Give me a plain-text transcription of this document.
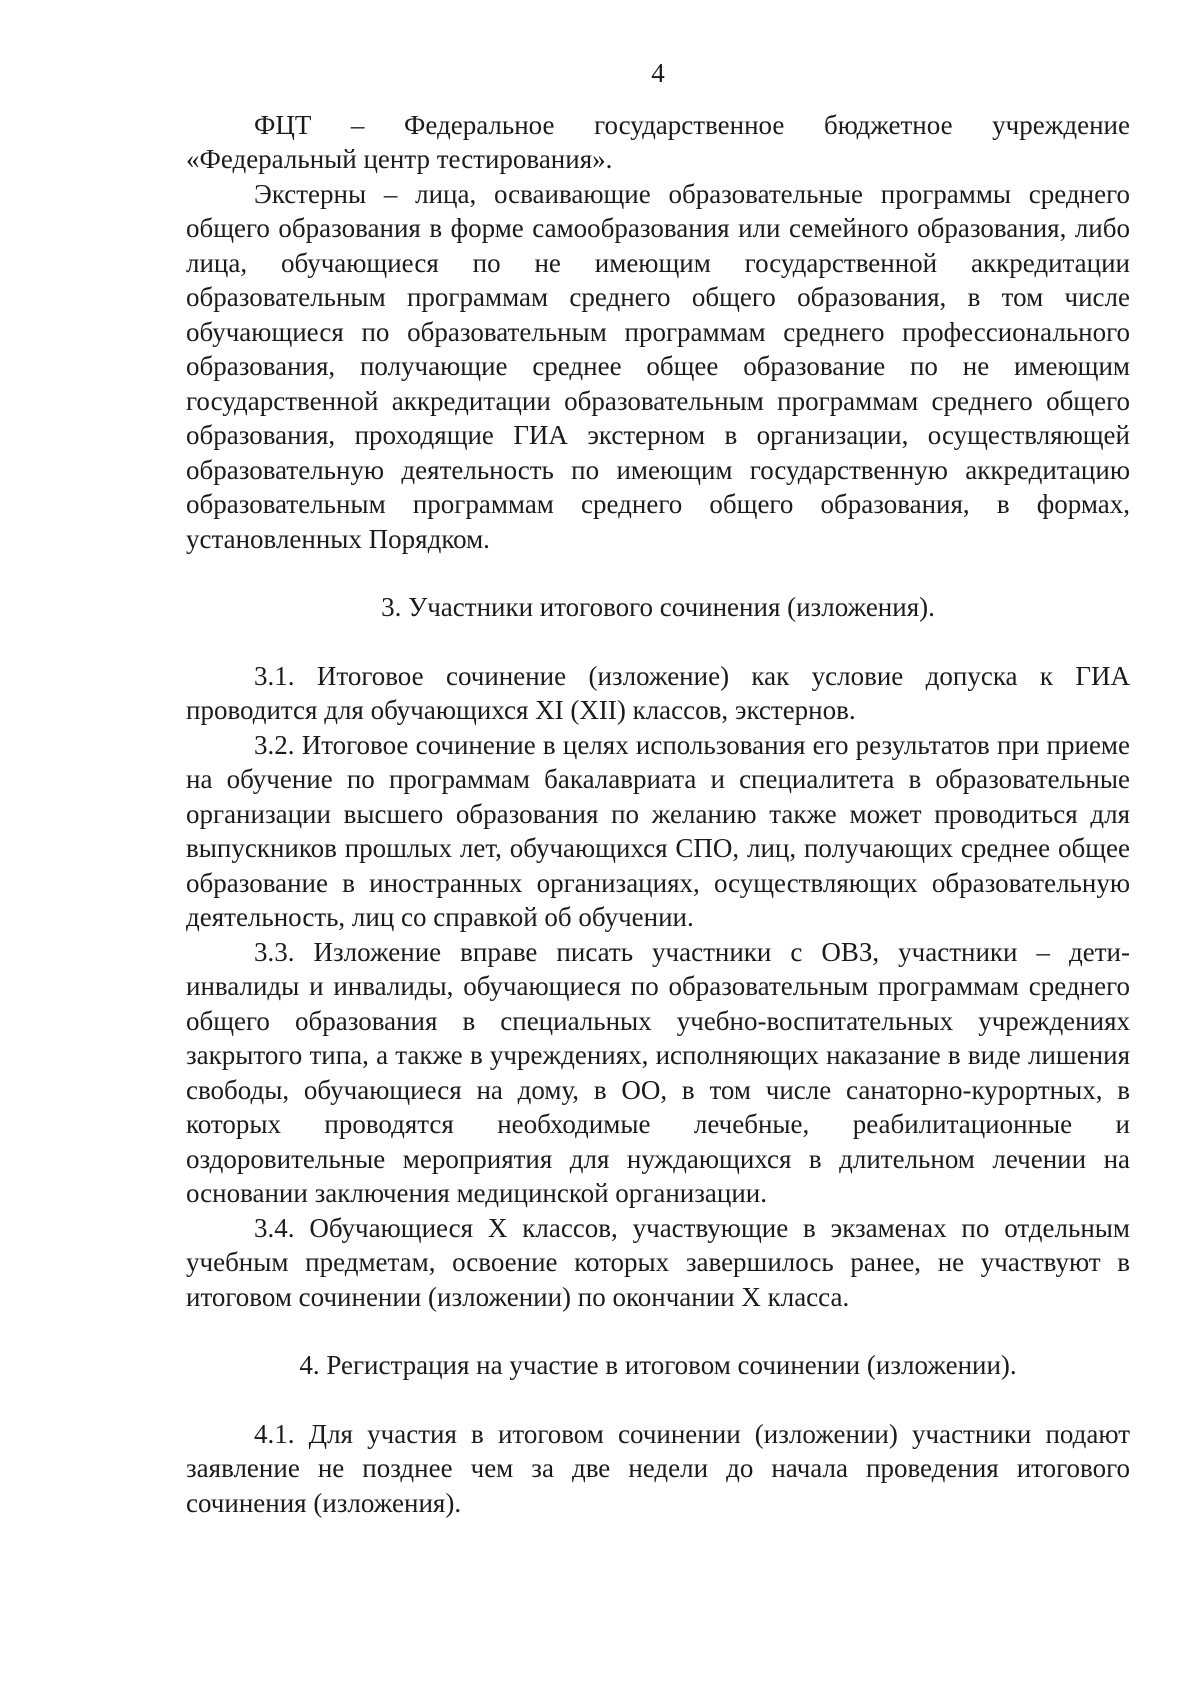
4

ФЦТ – Федеральное государственное бюджетное учреждение «Федеральный центр тестирования».

Экстерны – лица, осваивающие образовательные программы среднего общего образования в форме самообразования или семейного образования, либо лица, обучающиеся по не имеющим государственной аккредитации образовательным программам среднего общего образования, в том числе обучающиеся по образовательным программам среднего профессионального образования, получающие среднее общее образование по не имеющим государственной аккредитации образовательным программам среднего общего образования, проходящие ГИА экстерном в организации, осуществляющей образовательную деятельность по имеющим государственную аккредитацию образовательным программам среднего общего образования, в формах, установленных Порядком.

3. Участники итогового сочинения (изложения).

3.1. Итоговое сочинение (изложение) как условие допуска к ГИА проводится для обучающихся XI (XII) классов, экстернов.

3.2. Итоговое сочинение в целях использования его результатов при приеме на обучение по программам бакалавриата и специалитета в образовательные организации высшего образования по желанию также может проводиться для выпускников прошлых лет, обучающихся СПО, лиц, получающих среднее общее образование в иностранных организациях, осуществляющих образовательную деятельность, лиц со справкой об обучении.

3.3. Изложение вправе писать участники с ОВЗ, участники – дети-инвалиды и инвалиды, обучающиеся по образовательным программам среднего общего образования в специальных учебно-воспитательных учреждениях закрытого типа, а также в учреждениях, исполняющих наказание в виде лишения свободы, обучающиеся на дому, в ОО, в том числе санаторно-курортных, в которых проводятся необходимые лечебные, реабилитационные и оздоровительные мероприятия для нуждающихся в длительном лечении на основании заключения медицинской организации.

3.4. Обучающиеся X классов, участвующие в экзаменах по отдельным учебным предметам, освоение которых завершилось ранее, не участвуют в итоговом сочинении (изложении) по окончании X класса.

4. Регистрация на участие в итоговом сочинении (изложении).

4.1. Для участия в итоговом сочинении (изложении) участники подают заявление не позднее чем за две недели до начала проведения итогового сочинения (изложения).
